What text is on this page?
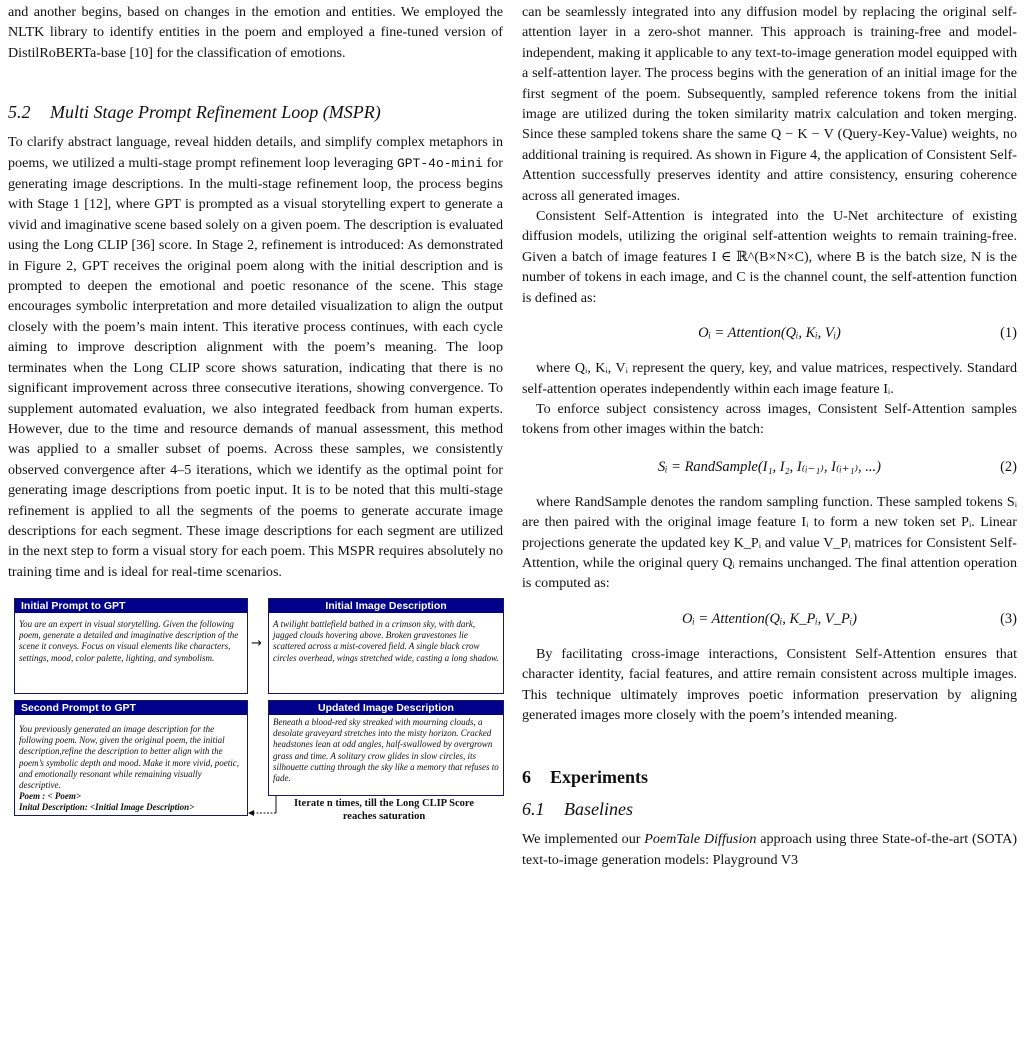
and another begins, based on changes in the emotion and entities. We employed the NLTK library to identify entities in the poem and employed a fine-tuned version of DistilRoBERTa-base [10] for the classification of emotions.

5.2 Multi Stage Prompt Refinement Loop (MSPR)

To clarify abstract language, reveal hidden details, and simplify complex metaphors in poems, we utilized a multi-stage prompt refinement loop leveraging GPT-4o-mini for generating image descriptions. In the multi-stage refinement loop, the process begins with Stage 1 [12], where GPT is prompted as a visual storytelling expert to generate a vivid and imaginative scene based solely on a given poem. The description is evaluated using the Long CLIP [36] score. In Stage 2, refinement is introduced: As demonstrated in Figure 2, GPT receives the original poem along with the initial description and is prompted to deepen the emotional and poetic resonance of the scene. This stage encourages symbolic interpretation and more detailed visualization to align the output closely with the poem’s main intent. This iterative process continues, with each cycle aiming to improve description alignment with the poem’s meaning. The loop terminates when the Long CLIP score shows saturation, indicating that there is no significant improvement across three consecutive iterations, showing convergence. To supplement automated evaluation, we also integrated feedback from human experts. However, due to the time and resource demands of manual assessment, this method was applied to a smaller subset of poems. Across these samples, we consistently observed convergence after 4–5 iterations, which we identify as the optimal point for generating image descriptions from poetic input. It is to be noted that this multi-stage refinement is applied to all the segments of the poems to generate accurate image descriptions for each segment. These image descriptions for each segment are utilized in the next step to form a visual story for each poem. This MSPR requires absolutely no training time and is ideal for real-time scenarios.

Initial Prompt to GPT
You are an expert in visual storytelling. Given the following poem, generate a detailed and imaginative description of the scene it conveys. Focus on visual elements like characters, settings, mood, color palette, lighting, and symbolism.
→
Initial Image Description
A twilight battlefield bathed in a crimson sky, with dark, jagged clouds hovering above. Broken gravestones lie scattered across a mist-covered field. A single black crow circles overhead, wings stretched wide, casting a long shadow.
Second Prompt to GPT
You previously generated an image description for the following poem. Now, given the original poem, the initial description,refine the description to better align with the poem’s symbolic depth and mood. Make it more vivid, poetic, and emotionally resonant while remaining visually descriptive.
Poem : < Poem>
Inital Description: <Initial Image Description>
Updated Image Description
Beneath a blood-red sky streaked with mourning clouds, a desolate graveyard stretches into the misty horizon. Cracked headstones lean at odd angles, half-swallowed by overgrown grass and time. A solitary crow glides in slow circles, its silhouette cutting through the sky like a memory that refuses to fade.
Iterate n times, till the Long CLIP Score reaches saturation

can be seamlessly integrated into any diffusion model by replacing the original self-attention layer in a zero-shot manner. This approach is training-free and model-independent, making it applicable to any text-to-image generation model equipped with a self-attention layer. The process begins with the generation of an initial image for the first segment of the poem. Subsequently, sampled reference tokens from the initial image are utilized during the token similarity matrix calculation and token merging. Since these sampled tokens share the same Q − K − V (Query-Key-Value) weights, no additional training is required. As shown in Figure 4, the application of Consistent Self-Attention successfully preserves identity and attire consistency, ensuring coherence across all generated images.

Consistent Self-Attention is integrated into the U-Net architecture of existing diffusion models, utilizing the original self-attention weights to remain training-free. Given a batch of image features I ∈ ℝ^(B×N×C), where B is the batch size, N is the number of tokens in each image, and C is the channel count, the self-attention function is defined as:

Oᵢ = Attention(Qᵢ, Kᵢ, Vᵢ)	(1)

where Qᵢ, Kᵢ, Vᵢ represent the query, key, and value matrices, respectively. Standard self-attention operates independently within each image feature Iᵢ.

To enforce subject consistency across images, Consistent Self-Attention samples tokens from other images within the batch:

Sᵢ = RandSample(I₁, I₂, I₍ᵢ₋₁₎, I₍ᵢ₊₁₎, ...)	(2)

where RandSample denotes the random sampling function. These sampled tokens Sᵢ are then paired with the original image feature Iᵢ to form a new token set Pᵢ. Linear projections generate the updated key K_Pᵢ and value V_Pᵢ matrices for Consistent Self-Attention, while the original query Qᵢ remains unchanged. The final attention operation is computed as:

Oᵢ = Attention(Qᵢ, K_Pᵢ, V_Pᵢ)	(3)

By facilitating cross-image interactions, Consistent Self-Attention ensures that character identity, facial features, and attire remain consistent across multiple images. This technique ultimately improves poetic information preservation by aligning generated images more closely with the poem’s intended meaning.

6 Experiments
6.1 Baselines

We implemented our PoemTale Diffusion approach using three State-of-the-art (SOTA) text-to-image generation models: Playground V3
